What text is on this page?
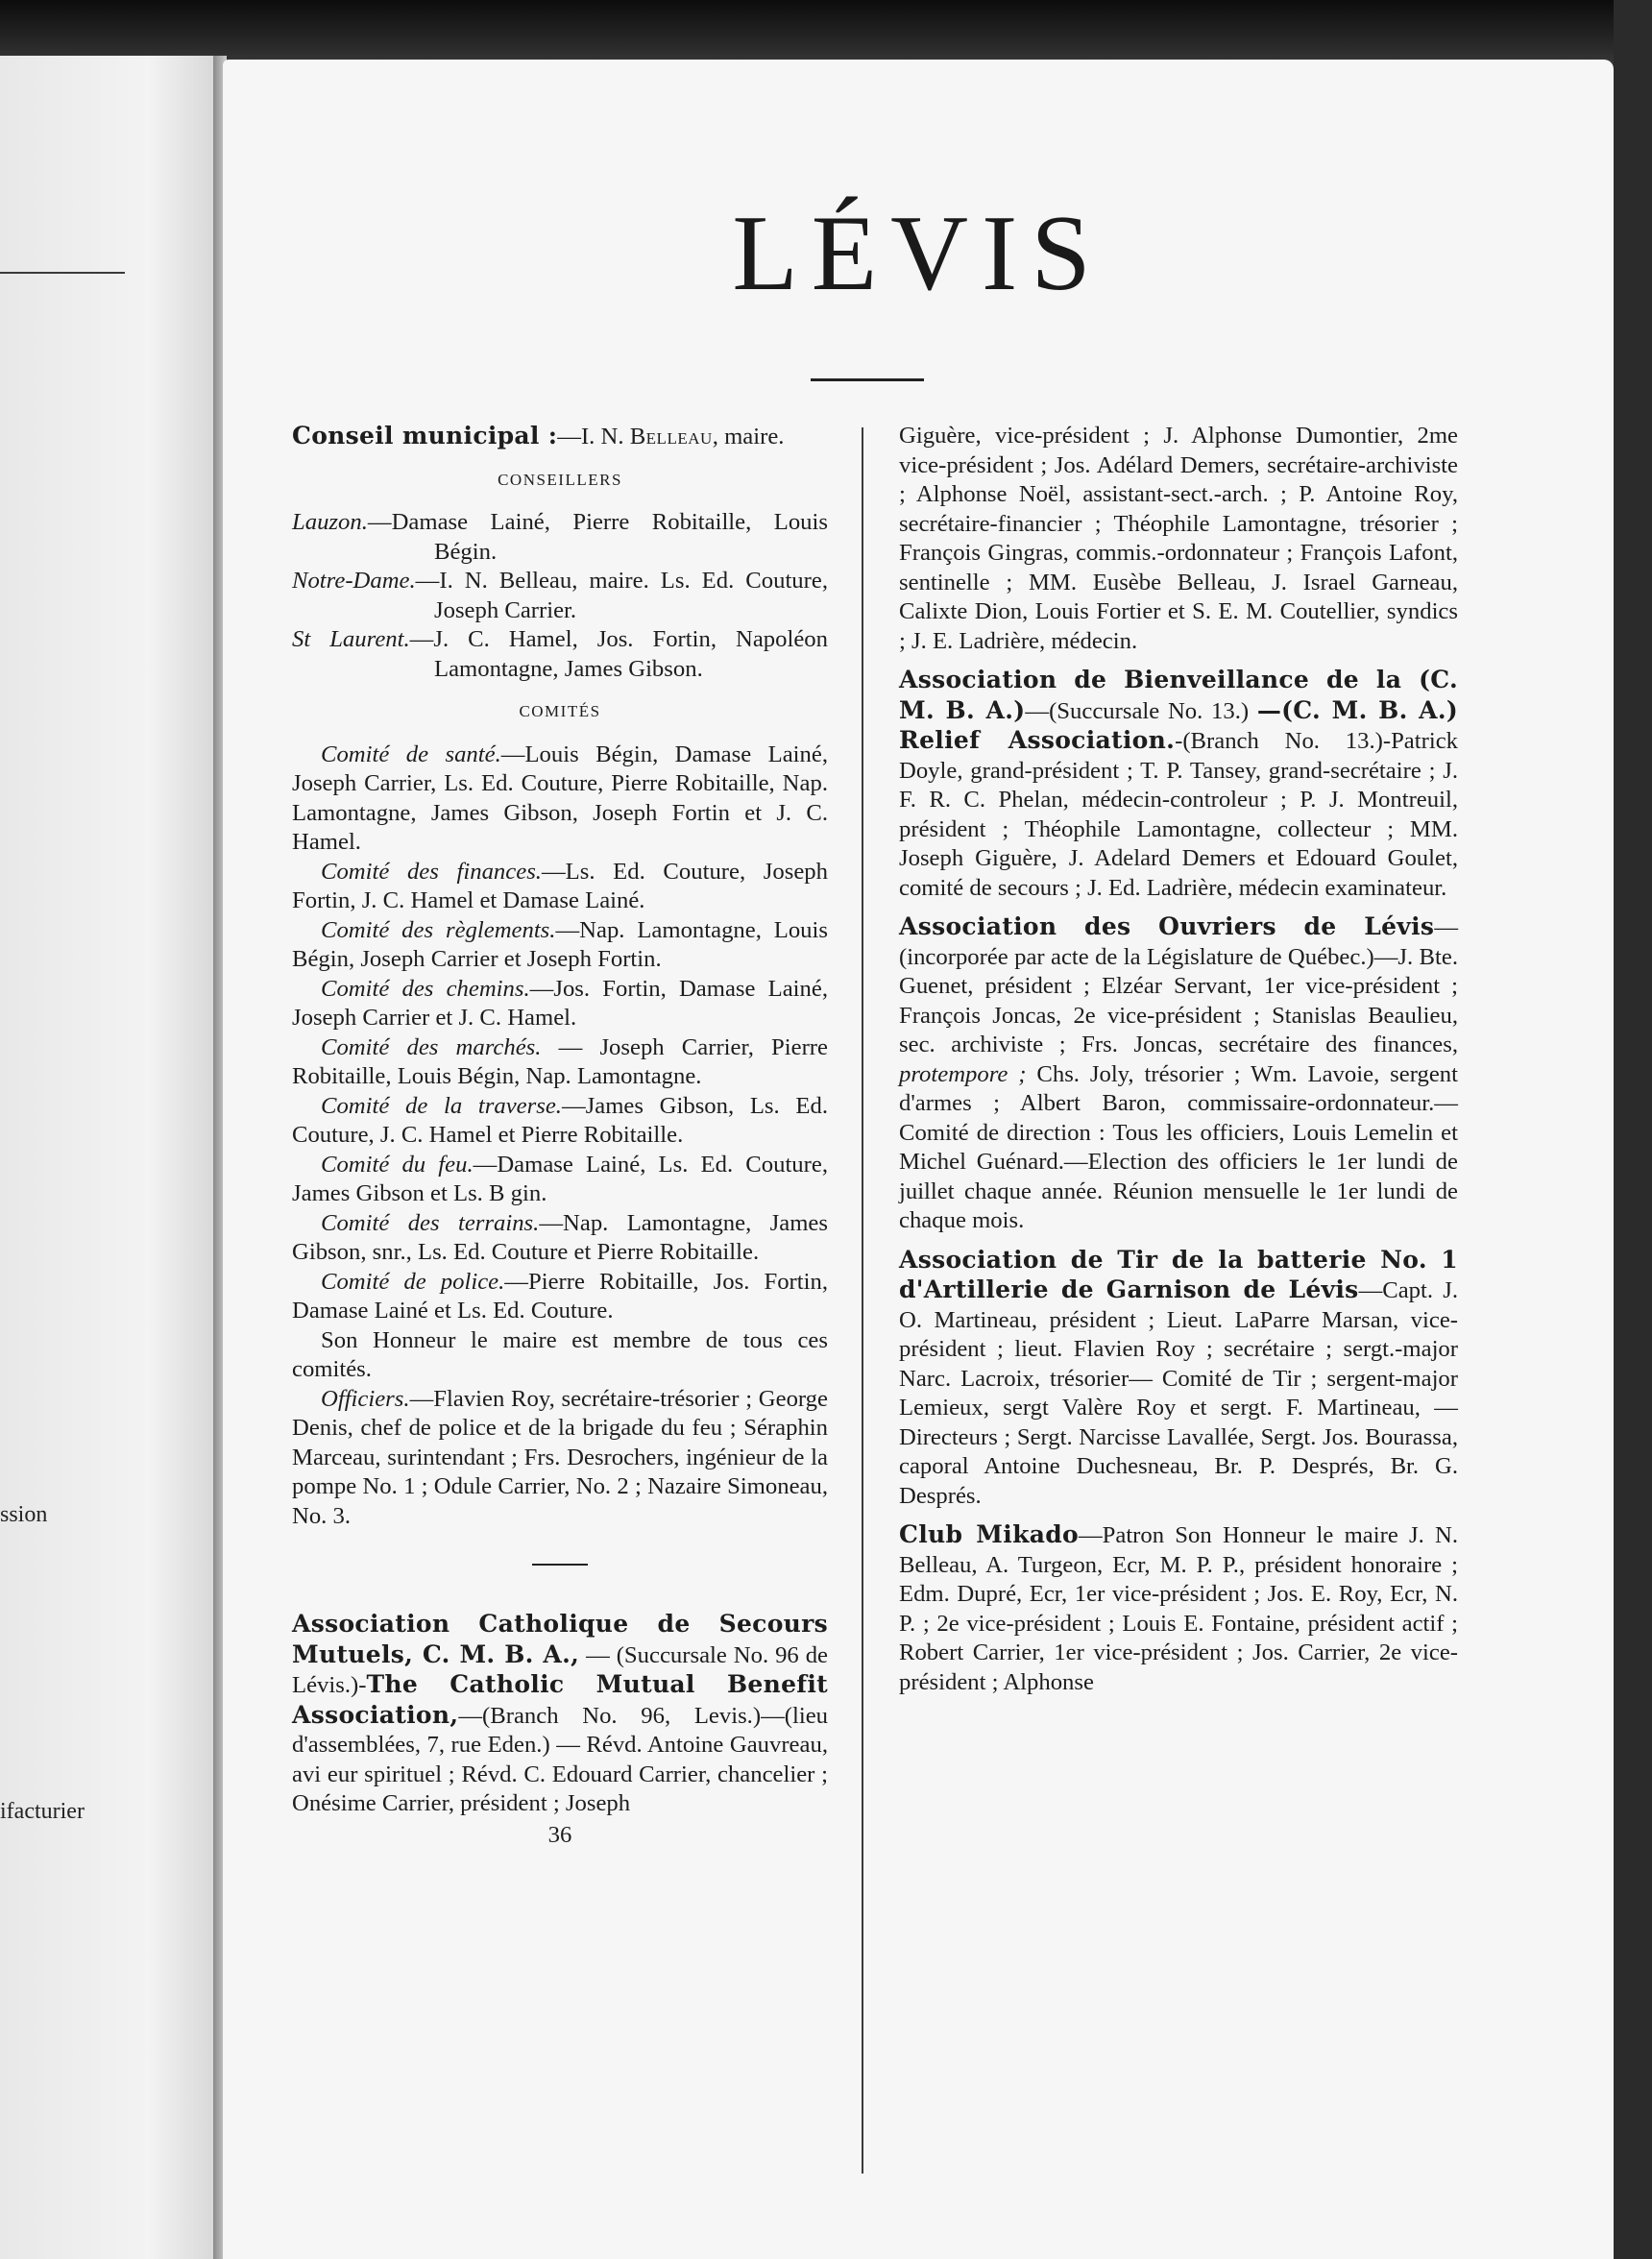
ssion
ifacturier
LÉVIS

Conseil municipal :—I. N. Belleau, maire.

CONSEILLERS

Lauzon.—Damase Lainé, Pierre Robitaille, Louis Bégin.

Notre-Dame.—I. N. Belleau, maire. Ls. Ed. Couture, Joseph Carrier.

St Laurent.—J. C. Hamel, Jos. Fortin, Napoléon Lamontagne, James Gibson.

COMITÉS

Comité de santé.—Louis Bégin, Damase Lainé, Joseph Carrier, Ls. Ed. Couture, Pierre Robitaille, Nap. Lamontagne, James Gibson, Joseph Fortin et J. C. Hamel.

Comité des finances.—Ls. Ed. Couture, Joseph Fortin, J. C. Hamel et Damase Lainé.

Comité des règlements.—Nap. Lamontagne, Louis Bégin, Joseph Carrier et Joseph Fortin.

Comité des chemins.—Jos. Fortin, Damase Lainé, Joseph Carrier et J. C. Hamel.

Comité des marchés. — Joseph Carrier, Pierre Robitaille, Louis Bégin, Nap. Lamontagne.

Comité de la traverse.—James Gibson, Ls. Ed. Couture, J. C. Hamel et Pierre Robitaille.

Comité du feu.—Damase Lainé, Ls. Ed. Couture, James Gibson et Ls. B gin.

Comité des terrains.—Nap. Lamontagne, James Gibson, snr., Ls. Ed. Couture et Pierre Robitaille.

Comité de police.—Pierre Robitaille, Jos. Fortin, Damase Lainé et Ls. Ed. Couture.

Son Honneur le maire est membre de tous ces comités.

Officiers.—Flavien Roy, secrétaire-trésorier ; George Denis, chef de police et de la brigade du feu ; Séraphin Marceau, surintendant ; Frs. Desrochers, ingénieur de la pompe No. 1 ; Odule Carrier, No. 2 ; Nazaire Simoneau, No. 3.

Association Catholique de Secours Mutuels, C. M. B. A., — (Succursale No. 96 de Lévis.)-The Catholic Mutual Benefit Association,—(Branch No. 96, Levis.)—(lieu d'assemblées, 7, rue Eden.) — Révd. Antoine Gauvreau, avi eur spirituel ; Révd. C. Edouard Carrier, chancelier ; Onésime Carrier, président ; Joseph

36

Giguère, vice-président ; J. Alphonse Dumontier, 2me vice-président ; Jos. Adélard Demers, secrétaire-archiviste ; Alphonse Noël, assistant-sect.-arch. ; P. Antoine Roy, secrétaire-financier ; Théophile Lamontagne, trésorier ; François Gingras, commis.-ordonnateur ; François Lafont, sentinelle ; MM. Eusèbe Belleau, J. Israel Garneau, Calixte Dion, Louis Fortier et S. E. M. Coutellier, syndics ; J. E. Ladrière, médecin.

Association de Bienveillance de la (C. M. B. A.)—(Succursale No. 13.) —(C. M. B. A.) Relief Association.-(Branch No. 13.)-Patrick Doyle, grand-président ; T. P. Tansey, grand-secrétaire ; J. F. R. C. Phelan, médecin-controleur ; P. J. Montreuil, président ; Théophile Lamontagne, collecteur ; MM. Joseph Giguère, J. Adelard Demers et Edouard Goulet, comité de secours ; J. Ed. Ladrière, médecin examinateur.

Association des Ouvriers de Lévis—(incorporée par acte de la Législature de Québec.)—J. Bte. Guenet, président ; Elzéar Servant, 1er vice-président ; François Joncas, 2e vice-président ; Stanislas Beaulieu, sec. archiviste ; Frs. Joncas, secrétaire des finances, protempore ; Chs. Joly, trésorier ; Wm. Lavoie, sergent d'armes ; Albert Baron, commissaire-ordonnateur.—Comité de direction : Tous les officiers, Louis Lemelin et Michel Guénard.—Election des officiers le 1er lundi de juillet chaque année. Réunion mensuelle le 1er lundi de chaque mois.

Association de Tir de la batterie No. 1 d'Artillerie de Garnison de Lévis—Capt. J. O. Martineau, président ; Lieut. LaParre Marsan, vice-président ; lieut. Flavien Roy ; secrétaire ; sergt.-major Narc. Lacroix, trésorier— Comité de Tir ; sergent-major Lemieux, sergt Valère Roy et sergt. F. Martineau, —Directeurs ; Sergt. Narcisse Lavallée, Sergt. Jos. Bourassa, caporal Antoine Duchesneau, Br. P. Després, Br. G. Després.

Club Mikado—Patron Son Honneur le maire J. N. Belleau, A. Turgeon, Ecr, M. P. P., président honoraire ; Edm. Dupré, Ecr, 1er vice-président ; Jos. E. Roy, Ecr, N. P. ; 2e vice-président ; Louis E. Fontaine, président actif ; Robert Carrier, 1er vice-président ; Jos. Carrier, 2e vice-président ; Alphonse
